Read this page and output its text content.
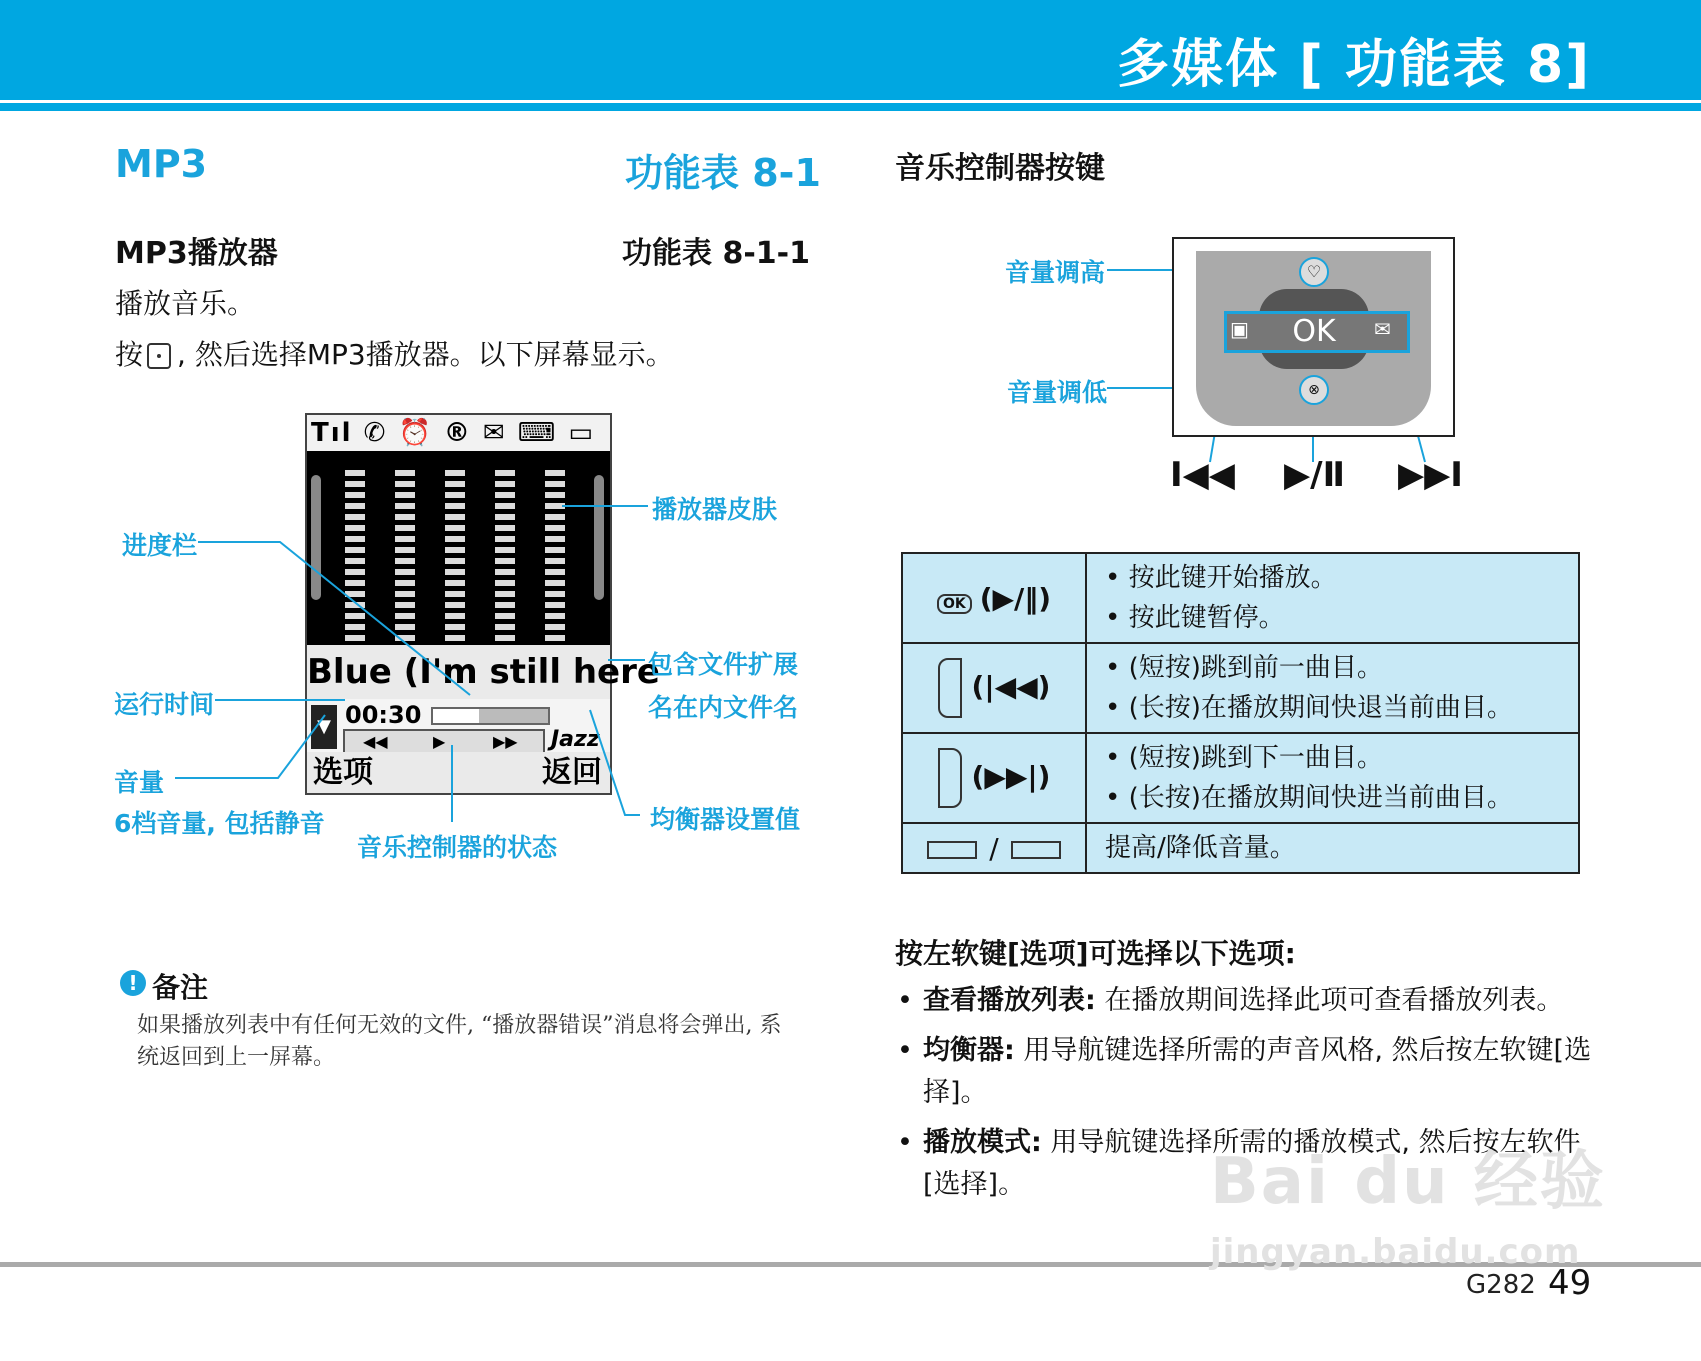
多媒体 [ 功能表 8]
MP3	功能表 8-1
MP3播放器	功能表 8-1-1
播放音乐。
按 , 然后选择MP3播放器。以下屏幕显示。
Tıl ✆ ⏰ ® ✉ ⌨ ▭
Blue (I'm still here
▼ 00:30
◀◀	▶	▶▶ Jazz
选项	返回
播放器皮肤
进度栏
包含文件扩展
名在内文件名
运行时间
音量
6档音量, 包括静音	均衡器设置值
音乐控制器的状态
! 备注
如果播放列表中有任何无效的文件, “播放器错误”消息将会弹出, 系统返回到上一屏幕。
音乐控制器按键
音量调高
音量调低
OK
▣	✉
♡
⊗
I◀◀ ▶/Ⅱ ▶▶I
OK (▶/‖)	• 按此键开始播放。
• 按此键暂停。

(|◀◀)	• (短按)跳到前一曲目。
• (长按)在播放期间快退当前曲目。

(▶▶|)	• (短按)跳到下一曲目。
• (长按)在播放期间快进当前曲目。

/	提高/降低音量。
按左软键[选项]可选择以下选项:
• 查看播放列表: 在播放期间选择此项可查看播放列表。
• 均衡器: 用导航键选择所需的声音风格, 然后按左软键[选择]。
• 播放模式: 用导航键选择所需的播放模式, 然后按左软件[选择]。	Bai du 经验
jingyan.baidu.com
G282 49
